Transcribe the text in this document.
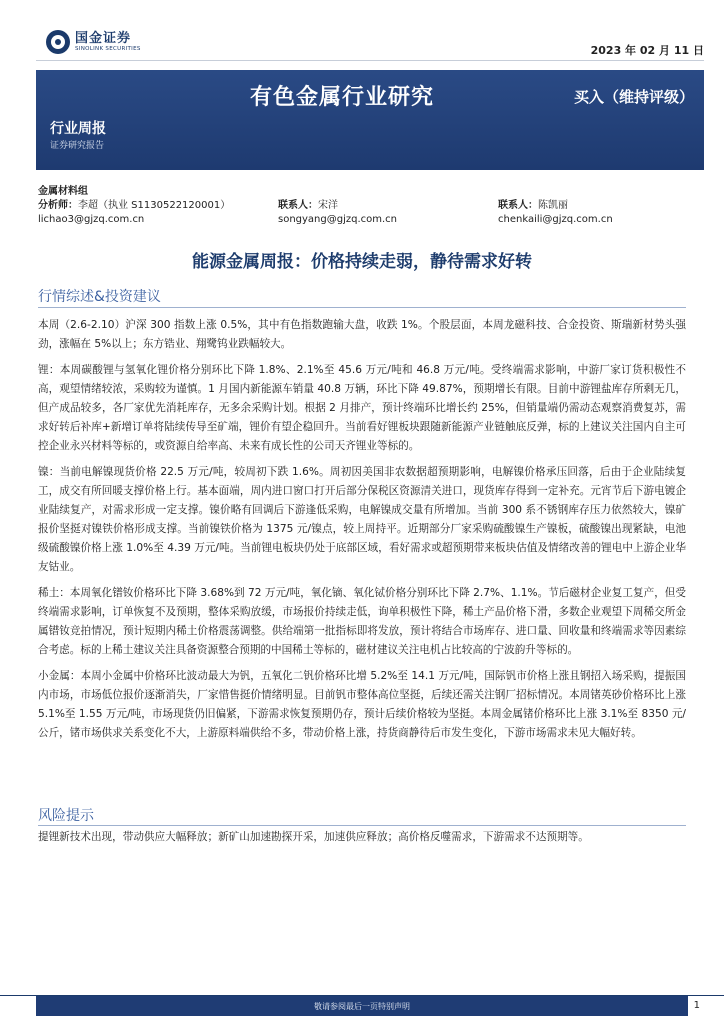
国金证券
SINOLINK SECURITIES	2023 年 02 月 11 日
有色金属行业研究	买入（维持评级）
行业周报
证券研究报告
金属材料组
分析师：李超（执业 S1130522120001）	联系人：宋洋	联系人：陈凯丽
lichao3@gjzq.com.cn	songyang@gjzq.com.cn	chenkaili@gjzq.com.cn
能源金属周报：价格持续走弱，静待需求好转
行情综述&投资建议

本周（2.6-2.10）沪深 300 指数上涨 0.5%，其中有色指数跑输大盘，收跌 1%。个股层面，本周龙磁科技、合金投资、斯瑞新材势头强劲，涨幅在 5%以上；东方锆业、翔鹭钨业跌幅较大。

锂：本周碳酸锂与氢氧化锂价格分别环比下降 1.8%、2.1%至 45.6 万元/吨和 46.8 万元/吨。受终端需求影响，中游厂家订货积极性不高，观望情绪较浓，采购较为谨慎。1 月国内新能源车销量 40.8 万辆，环比下降 49.87%，预期增长有限。目前中游锂盐库存所剩无几，但产成品较多，各厂家优先消耗库存，无多余采购计划。根据 2 月排产，预计终端环比增长约 25%，但销量端仍需动态观察消费复苏，需求好转后补库+新增订单将陆续传导至矿端，锂价有望企稳回升。当前看好锂板块跟随新能源产业链触底反弹，标的上建议关注国内自主可控企业永兴材料等标的，或资源自给率高、未来有成长性的公司天齐锂业等标的。

镍：当前电解镍现货价格 22.5 万元/吨，较周初下跌 1.6%。周初因美国非农数据超预期影响，电解镍价格承压回落，后由于企业陆续复工，成交有所回暖支撑价格上行。基本面端，周内进口窗口打开后部分保税区资源清关进口，现货库存得到一定补充。元宵节后下游电镀企业陆续复产，对需求形成一定支撑。镍价略有回调后下游逢低采购，电解镍成交量有所增加。当前 300 系不锈钢库存压力依然较大，镍矿报价坚挺对镍铁价格形成支撑。当前镍铁价格为 1375 元/镍点，较上周持平。近期部分厂家采购硫酸镍生产镍板，硫酸镍出现紧缺，电池级硫酸镍价格上涨 1.0%至 4.39 万元/吨。当前锂电板块仍处于底部区域，看好需求或超预期带来板块估值及情绪改善的锂电中上游企业华友钴业。

稀土：本周氧化镨钕价格环比下降 3.68%到 72 万元/吨，氧化镝、氧化铽价格分别环比下降 2.7%、1.1%。节后磁材企业复工复产，但受终端需求影响，订单恢复不及预期，整体采购放缓，市场报价持续走低，询单积极性下降，稀土产品价格下滑，多数企业观望下周稀交所金属镨钕竞拍情况，预计短期内稀土价格震荡调整。供给端第一批指标即将发放，预计将结合市场库存、进口量、回收量和终端需求等因素综合考虑。标的上稀土建议关注具备资源整合预期的中国稀土等标的，磁材建议关注电机占比较高的宁波韵升等标的。

小金属：本周小金属中价格环比波动最大为钒，五氧化二钒价格环比增 5.2%至 14.1 万元/吨，国际钒市价格上涨且钢招入场采购，提振国内市场，市场低位报价逐渐消失，厂家惜售挺价情绪明显。目前钒市整体高位坚挺，后续还需关注钢厂招标情况。本周锗英砂价格环比上涨 5.1%至 1.55 万元/吨，市场现货仍旧偏紧，下游需求恢复预期仍存，预计后续价格较为坚挺。本周金属锗价格环比上涨 3.1%至 8350 元/公斤，锗市场供求关系变化不大，上游原料端供给不多，带动价格上涨，持货商静待后市发生变化，下游市场需求未见大幅好转。

风险提示

提锂新技术出现，带动供应大幅释放；新矿山加速勘探开采，加速供应释放；高价格反噬需求，下游需求不达预期等。

敬请参阅最后一页特别声明	1
